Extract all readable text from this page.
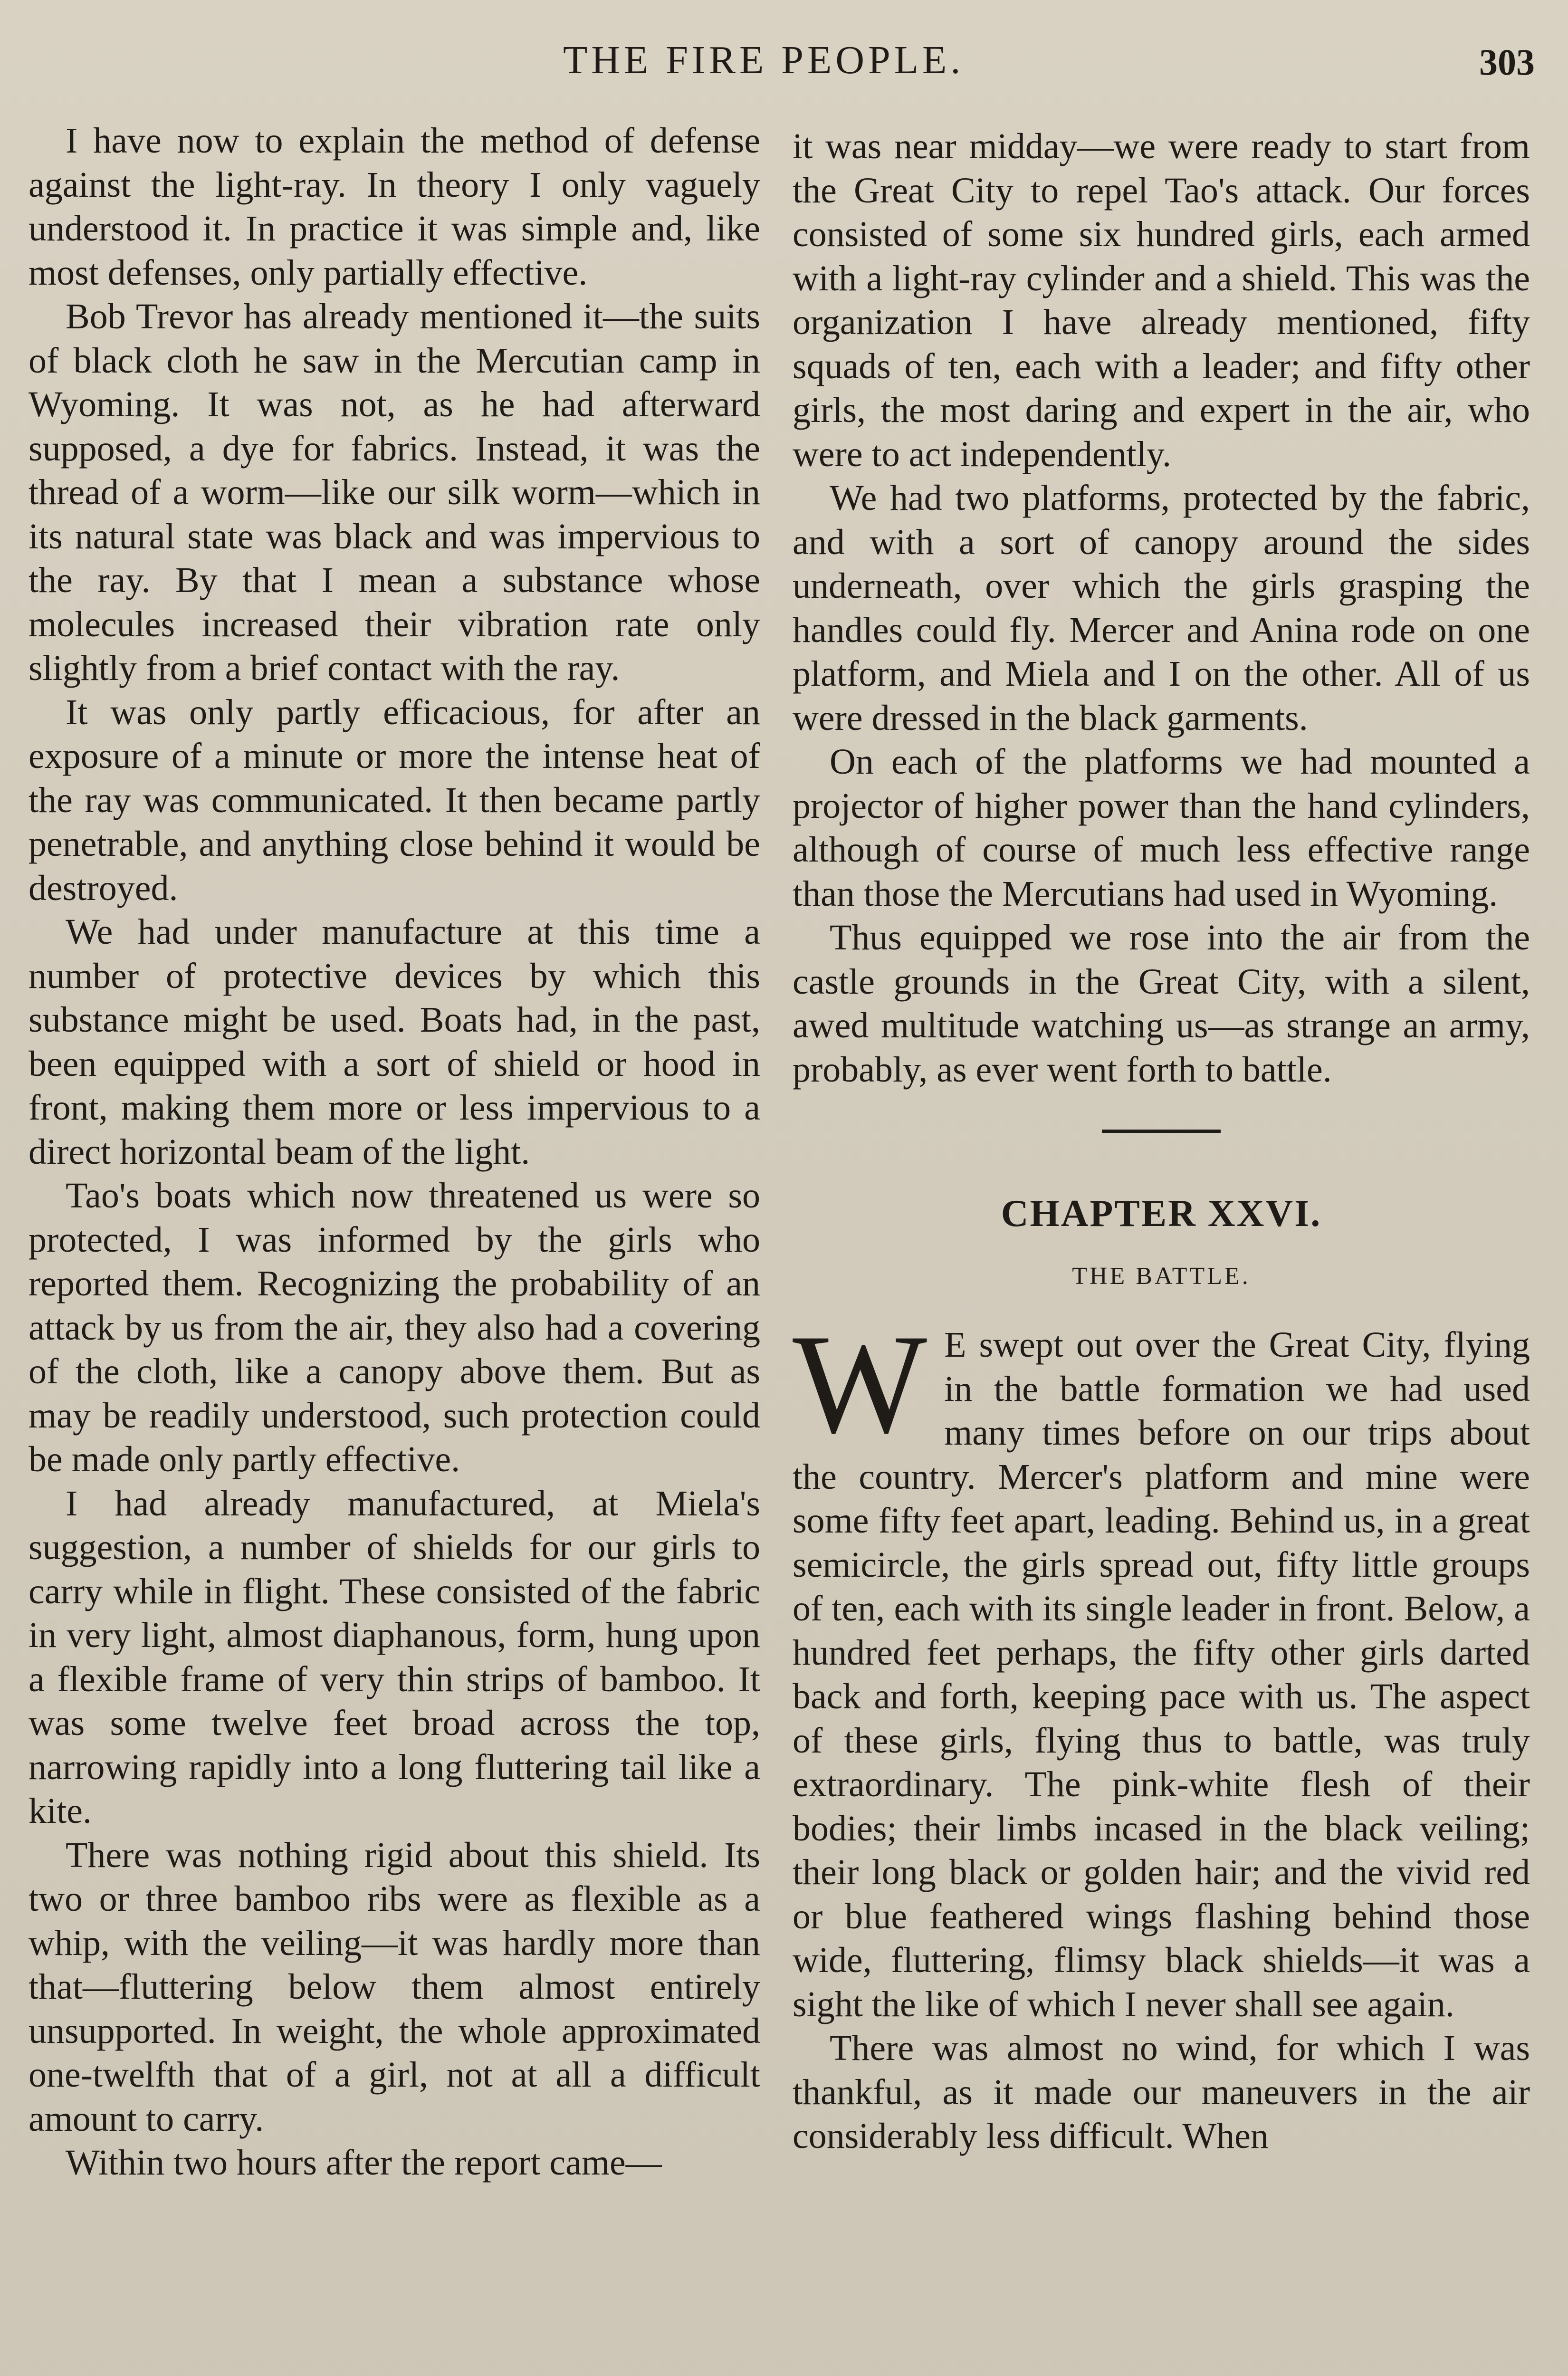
THE FIRE PEOPLE.	303

I have now to explain the method of defense against the light-ray. In theory I only vaguely understood it. In practice it was simple and, like most defenses, only partially effective.

Bob Trevor has already mentioned it—the suits of black cloth he saw in the Mercutian camp in Wyoming. It was not, as he had afterward supposed, a dye for fabrics. Instead, it was the thread of a worm—like our silk worm—which in its natural state was black and was impervious to the ray. By that I mean a substance whose molecules increased their vibration rate only slightly from a brief contact with the ray.

It was only partly efficacious, for after an exposure of a minute or more the intense heat of the ray was communicated. It then became partly penetrable, and anything close behind it would be destroyed.

We had under manufacture at this time a number of protective devices by which this substance might be used. Boats had, in the past, been equipped with a sort of shield or hood in front, making them more or less impervious to a direct horizontal beam of the light.

Tao's boats which now threatened us were so protected, I was informed by the girls who reported them. Recognizing the probability of an attack by us from the air, they also had a covering of the cloth, like a canopy above them. But as may be readily understood, such protection could be made only partly effective.

I had already manufactured, at Miela's suggestion, a number of shields for our girls to carry while in flight. These consisted of the fabric in very light, almost diaphanous, form, hung upon a flexible frame of very thin strips of bamboo. It was some twelve feet broad across the top, narrowing rapidly into a long fluttering tail like a kite.

There was nothing rigid about this shield. Its two or three bamboo ribs were as flexible as a whip, with the veiling—it was hardly more than that—fluttering below them almost entirely unsupported. In weight, the whole approximated one-twelfth that of a girl, not at all a difficult amount to carry.

Within two hours after the report came—

it was near midday—we were ready to start from the Great City to repel Tao's attack. Our forces consisted of some six hundred girls, each armed with a light-ray cylinder and a shield. This was the organization I have already mentioned, fifty squads of ten, each with a leader; and fifty other girls, the most daring and expert in the air, who were to act independently.

We had two platforms, protected by the fabric, and with a sort of canopy around the sides underneath, over which the girls grasping the handles could fly. Mercer and Anina rode on one platform, and Miela and I on the other. All of us were dressed in the black garments.

On each of the platforms we had mounted a projector of higher power than the hand cylinders, although of course of much less effective range than those the Mercutians had used in Wyoming.

Thus equipped we rose into the air from the castle grounds in the Great City, with a silent, awed multitude watching us—as strange an army, probably, as ever went forth to battle.

CHAPTER XXVI.
THE BATTLE.

W E swept out over the Great City, flying in the battle formation we had used many times before on our trips about the country. Mercer's platform and mine were some fifty feet apart, leading. Behind us, in a great semicircle, the girls spread out, fifty little groups of ten, each with its single leader in front. Below, a hundred feet perhaps, the fifty other girls darted back and forth, keeping pace with us. The aspect of these girls, flying thus to battle, was truly extraordinary. The pink-white flesh of their bodies; their limbs incased in the black veiling; their long black or golden hair; and the vivid red or blue feathered wings flashing behind those wide, fluttering, flimsy black shields—it was a sight the like of which I never shall see again.

There was almost no wind, for which I was thankful, as it made our maneuvers in the air considerably less difficult. When
